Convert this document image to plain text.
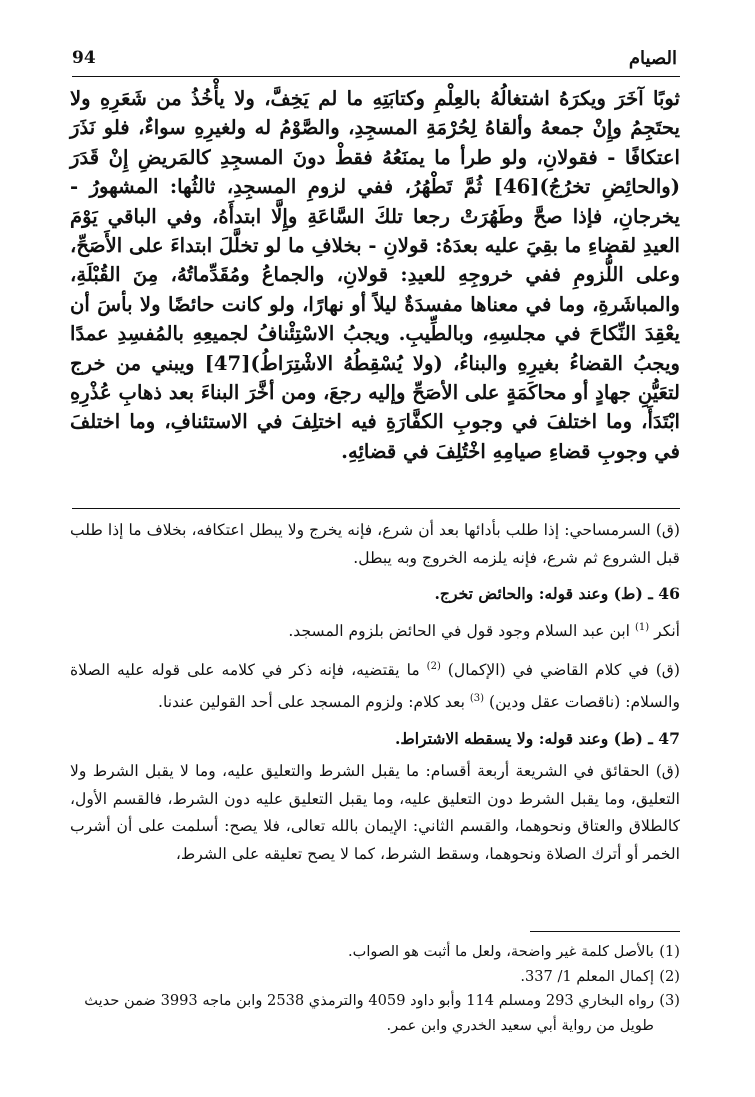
94	الصيام

ثوبًا آخَرَ ويكرَهُ اشتغالُهُ بالعِلْمِ وكتابَتِهِ ما لم يَخِفَّ، ولا يأْخُذُ من شَعَرِهِ ولا يحتَجِمُ وإِنْ جمعهُ وألقاهُ لِحُرْمَةِ المسجِدِ، والصَّوْمُ له ولغيرِهِ سواءٌ، فلو نَذَرَ اعتكافًا - فقولانِ، ولو طرأ ما يمنَعُهُ فقطْ دونَ المسجِدِ كالمَريضِ إِنْ قَدَرَ (والحائِضِ تخرُجُ)[46] ثُمَّ تَطْهُرُ، ففي لزومِ المسجِدِ، ثالثُها: المشهورُ - يخرجانِ، فإذا صحَّ وطَهُرَتْ رجعا تلكَ السَّاعَةِ وإِلَّا ابتدأَهُ، وفي الباقي يَوْمَ العيدِ لقضاءِ ما بقِيَ عليه بعدَهُ: قولانِ - بخلافِ ما لو تخلَّلَ ابتداءَ على الأَصَحِّ، وعلى اللُّزومِ ففي خروجِهِ للعيدِ: قولانِ، والجماعُ ومُقَدِّماتُهُ، مِنَ القُبْلَةِ، والمباشَرةِ، وما في معناها مفسدَةٌ ليلاً أو نهارًا، ولو كانت حائضًا ولا بأسَ أن يعْقِدَ النِّكاحَ في مجلسِهِ، وبالطِّيبِ. ويجبُ الاسْتِئْنافُ لجميعِهِ بالمُفسِدِ عمدًا ويجبُ القضاءُ بغيرِهِ والبناءُ، (ولا يُسْقِطُهُ الاشْتِرَاطُ)[47] ويبني من خرج لتعَيُّنِ جهادٍ أو محاكَمَةٍ على الأصَحِّ وإليه رجعَ، ومن أخَّرَ البناءَ بعد ذهابِ عُذْرِهِ ابْتَدَأَ، وما اختلفَ في وجوبِ الكفَّارَةِ فيه اختلِفَ في الاستئنافِ، وما اختلفَ في وجوبِ قضاءِ صيامِهِ اخْتُلِفَ في قضائِهِ.

(ق) السرمساحي: إذا طلب بأدائها بعد أن شرع، فإنه يخرج ولا يبطل اعتكافه، بخلاف ما إذا طلب قبل الشروع ثم شرع، فإنه يلزمه الخروج وبه يبطل.

46 ـ (ط) وعند قوله: والحائض تخرج.

أنكر $^{(1)}$ ابن عبد السلام وجود قول في الحائض بلزوم المسجد.

(ق) في كلام القاضي في (الإكمال) $^{(2)}$ ما يقتضيه، فإنه ذكر في كلامه على قوله عليه الصلاة والسلام: (ناقصات عقل ودين) $^{(3)}$ بعد كلام: ولزوم المسجد على أحد القولين عندنا.

47 ـ (ط) وعند قوله: ولا يسقطه الاشتراط.

(ق) الحقائق في الشريعة أربعة أقسام: ما يقبل الشرط والتعليق عليه، وما لا يقبل الشرط ولا التعليق، وما يقبل الشرط دون التعليق عليه، وما يقبل التعليق عليه دون الشرط، فالقسم الأول، كالطلاق والعتاق ونحوهما، والقسم الثاني: الإيمان بالله تعالى، فلا يصح: أسلمت على أن أشرب الخمر أو أترك الصلاة ونحوهما، وسقط الشرط، كما لا يصح تعليقه على الشرط،

(1)
بالأصل كلمة غير واضحة، ولعل ما أثبت هو الصواب.
(2)
إكمال المعلم 1/ 337.
(3)
رواه البخاري 293 ومسلم 114 وأبو داود 4059 والترمذي 2538 وابن ماجه 3993 ضمن حديث طويل من رواية أبي سعيد الخدري وابن عمر.
